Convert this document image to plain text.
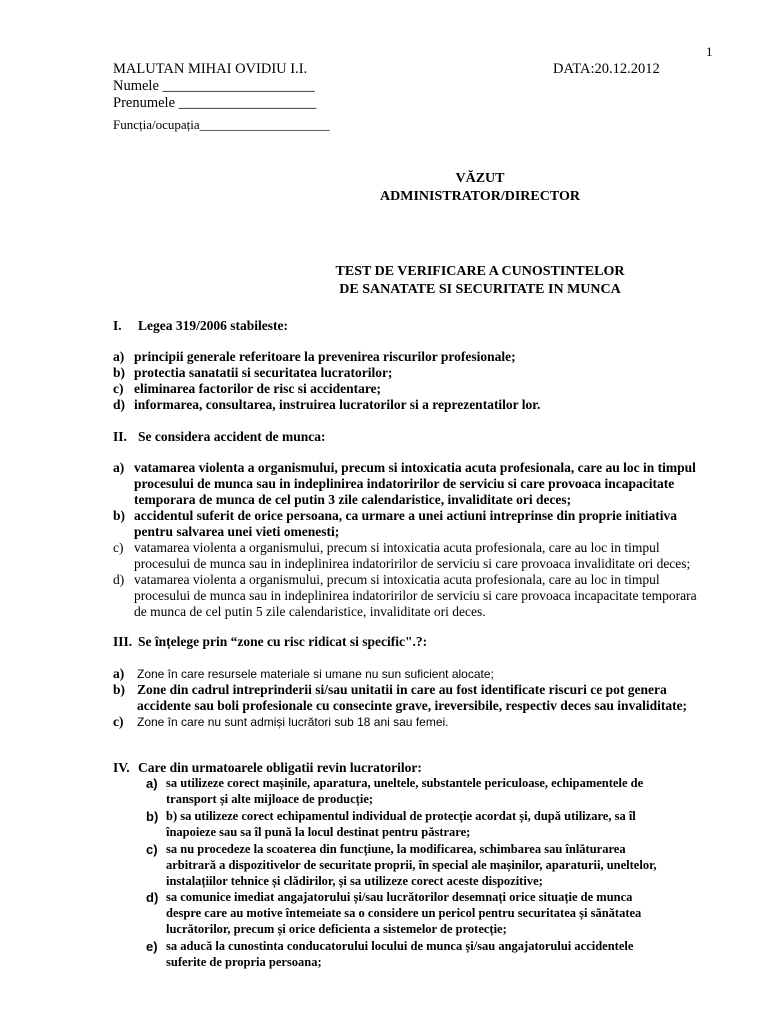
1
MALUTAN MIHAI OVIDIU I.I.	DATA:20.12.2012
Numele _____________________
Prenumele ___________________
Funcția/ocupația____________________
VĂZUT
ADMINISTRATOR/DIRECTOR
TEST DE VERIFICARE A CUNOSTINTELOR
DE SANATATE SI SECURITATE IN MUNCA
I. Legea 319/2006 stabileste:
a) principii generale referitoare la prevenirea riscurilor profesionale;
b) protectia sanatatii si securitatea lucratorilor;
c) eliminarea factorilor de risc si accidentare;
d) informarea, consultarea, instruirea lucratorilor si a reprezentatilor lor.
II. Se considera accident de munca:
a) vatamarea violenta a organismului, precum si intoxicatia acuta profesionala, care au loc in timpul
procesului de munca sau in indeplinirea indatoririlor de serviciu si care provoaca incapacitate
temporara de munca de cel putin 3 zile calendaristice, invaliditate ori deces;
b) accidentul suferit de orice persoana, ca urmare a unei actiuni intreprinse din proprie initiativa
pentru salvarea unei vieti omenesti;
c) vatamarea violenta a organismului, precum si intoxicatia acuta profesionala, care au loc in timpul
procesului de munca sau in indeplinirea indatoririlor de serviciu si care provoaca invaliditate ori deces;
d) vatamarea violenta a organismului, precum si intoxicatia acuta profesionala, care au loc in timpul
procesului de munca sau in indeplinirea indatoririlor de serviciu si care provoaca incapacitate temporara
de munca de cel putin 5 zile calendaristice, invaliditate ori deces.
III. Se înțelege prin “zone cu risc ridicat si specific".?:
a) Zone în care resursele materiale si umane nu sun suficient alocate;
b) Zone din cadrul intreprinderii si/sau unitatii in care au fost identificate riscuri ce pot genera
accidente sau boli profesionale cu consecinte grave, ireversibile, respectiv deces sau invaliditate;
c) Zone în care nu sunt admiși lucrători sub 18 ani sau femei.
IV. Care din urmatoarele obligatii revin lucratorilor:
a) sa utilizeze corect mașinile, aparatura, uneltele, substantele periculoase, echipamentele de
transport și alte mijloace de producție;
b) b) sa utilizeze corect echipamentul individual de protecție acordat și, după utilizare, sa îl
înapoieze sau sa îl pună la locul destinat pentru păstrare;
c) sa nu procedeze la scoaterea din funcțiune, la modificarea, schimbarea sau înlăturarea
arbitrară a dispozitivelor de securitate proprii, în special ale mașinilor, aparaturii, uneltelor,
instalațiilor tehnice și clădirilor, și sa utilizeze corect aceste dispozitive;
d) sa comunice imediat angajatorului și/sau lucrătorilor desemnați orice situație de munca
despre care au motive întemeiate sa o considere un pericol pentru securitatea și sănătatea
lucrătorilor, precum și orice deficienta a sistemelor de protecție;
e) sa aducă la cunostinta conducatorului locului de munca și/sau angajatorului accidentele
suferite de propria persoana;
